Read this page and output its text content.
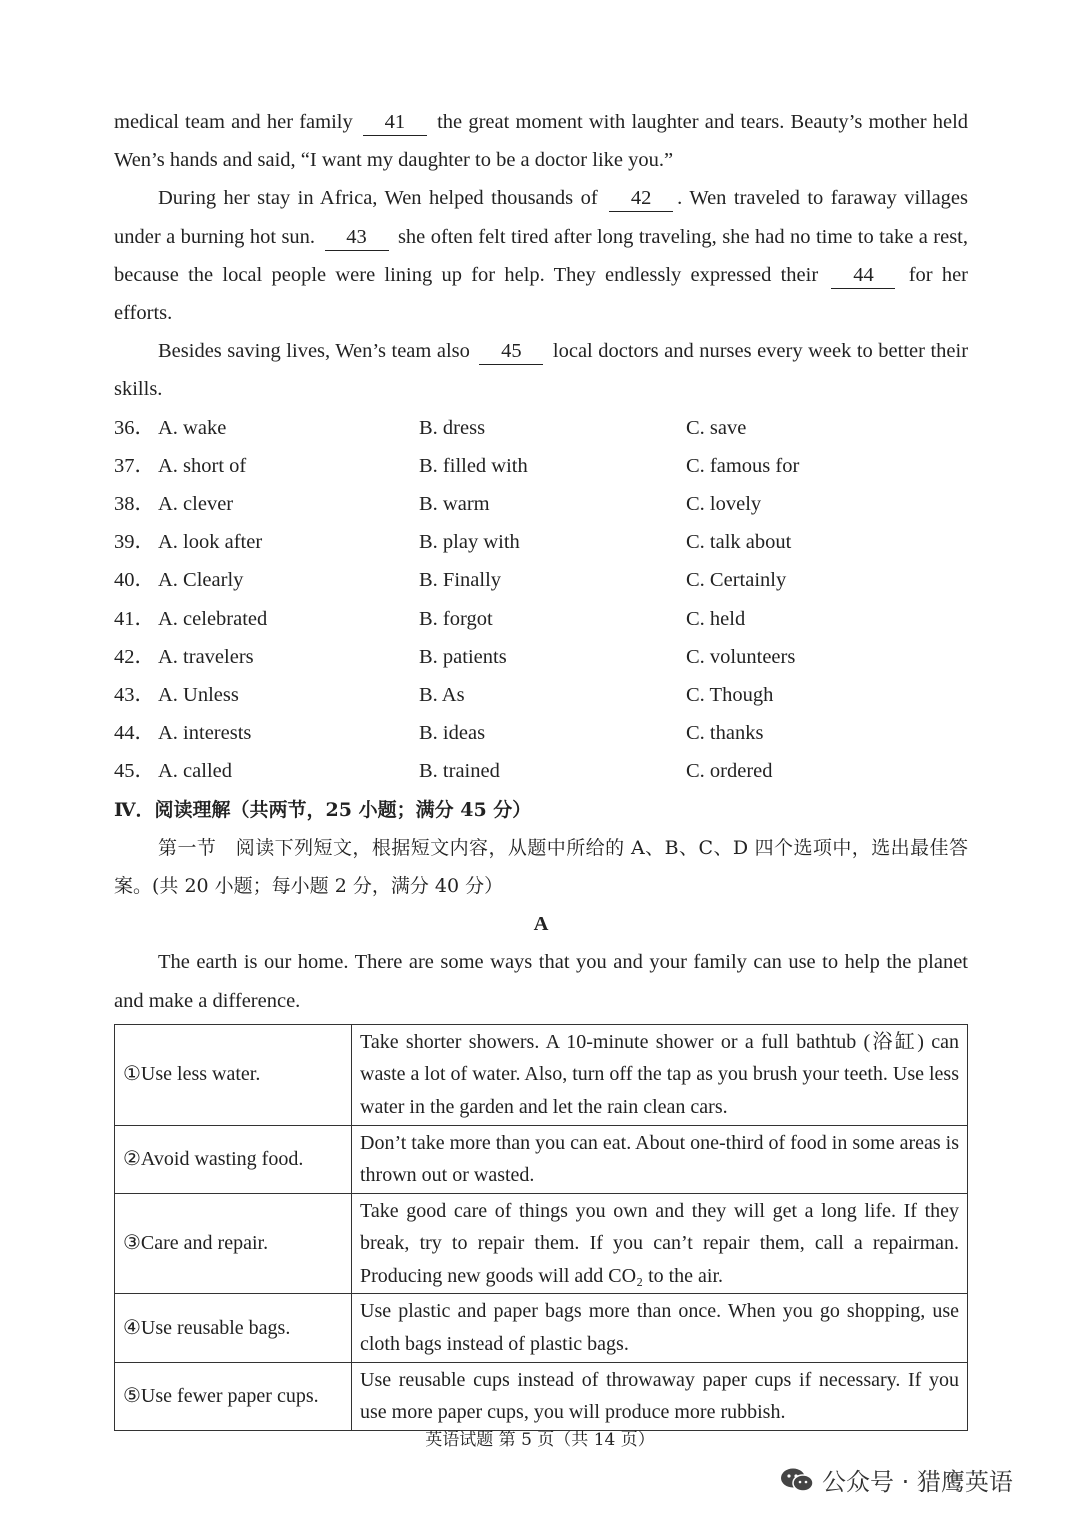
medical team and her family 41 the great moment with laughter and tears. Beauty’s mother held Wen’s hands and said, “I want my daughter to be a doctor like you.”

During her stay in Africa, Wen helped thousands of 42 . Wen traveled to faraway villages under a burning hot sun. 43 she often felt tired after long traveling, she had no time to take a rest, because the local people were lining up for help. They endlessly expressed their 44 for her efforts.

Besides saving lives, Wen’s team also 45 local doctors and nurses every week to better their skills.

36． A. wake	B. dress	C. save
37． A. short of	B. filled with	C. famous for
38． A. clever	B. warm	C. lovely
39． A. look after	B. play with	C. talk about
40． A. Clearly	B. Finally	C. Certainly
41． A. celebrated	B. forgot	C. held
42． A. travelers	B. patients	C. volunteers
43． A. Unless	B. As	C. Though
44． A. interests	B. ideas	C. thanks
45． A. called	B. trained	C. ordered

Ⅳ．阅读理解（共两节，25 小题；满分 45 分）

第一节　阅读下列短文，根据短文内容，从题中所给的 A、B、C、D 四个选项中，选出最佳答案。(共 20 小题；每小题 2 分，满分 40 分）

A

The earth is our home. There are some ways that you and your family can use to help the planet and make a difference.

①Use less water.	Take shorter showers. A 10-minute shower or a full bathtub (浴缸) can waste a lot of water. Also, turn off the tap as you brush your teeth. Use less water in the garden and let the rain clean cars.
②Avoid wasting food.	Don’t take more than you can eat. About one-third of food in some areas is thrown out or wasted.
③Care and repair.	Take good care of things you own and they will get a long life. If they break, try to repair them. If you can’t repair them, call a repairman. Producing new goods will add CO₂ to the air.
④Use reusable bags.	Use plastic and paper bags more than once. When you go shopping, use cloth bags instead of plastic bags.
⑤Use fewer paper cups.	Use reusable cups instead of throwaway paper cups if necessary. If you use more paper cups, you will produce more rubbish.
英语试题 第 5 页（共 14 页）
公众号 · 猎鹰英语
